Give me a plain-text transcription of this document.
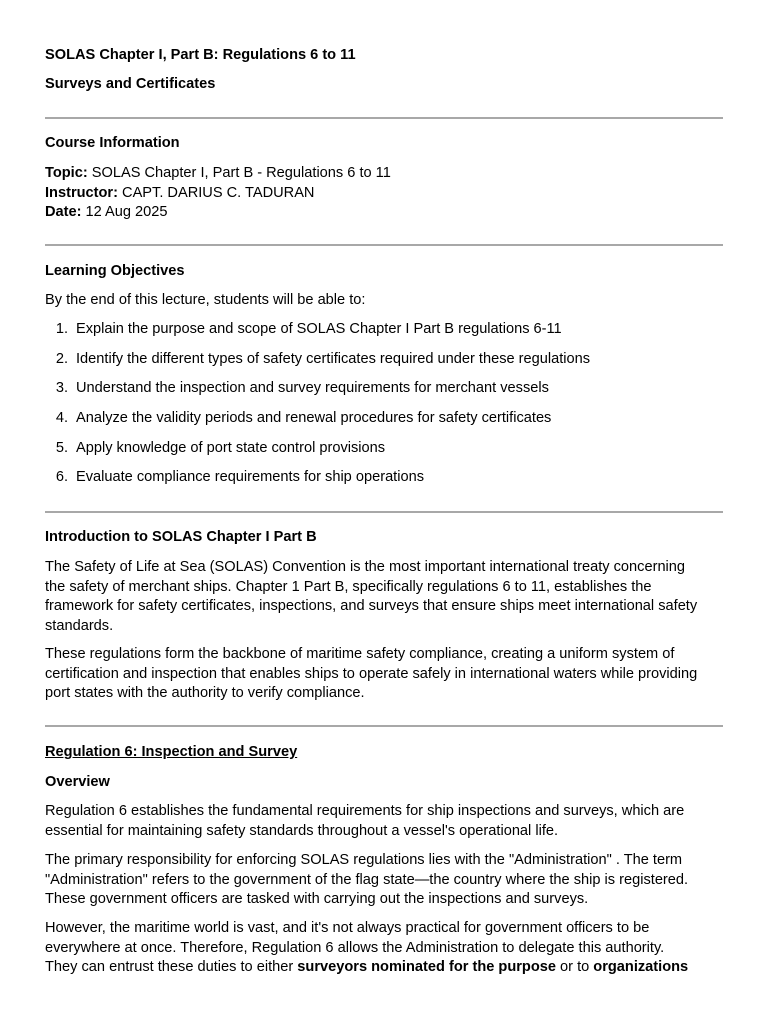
SOLAS Chapter I, Part B: Regulations 6 to 11
Surveys and Certificates
Course Information
Topic: SOLAS Chapter I, Part B - Regulations 6 to 11
Instructor: CAPT. DARIUS C. TADURAN
Date: 12 Aug 2025
Learning Objectives
By the end of this lecture, students will be able to:
1. Explain the purpose and scope of SOLAS Chapter I Part B regulations 6-11
2. Identify the different types of safety certificates required under these regulations
3. Understand the inspection and survey requirements for merchant vessels
4. Analyze the validity periods and renewal procedures for safety certificates
5. Apply knowledge of port state control provisions
6. Evaluate compliance requirements for ship operations
Introduction to SOLAS Chapter I Part B
The Safety of Life at Sea (SOLAS) Convention is the most important international treaty concerning
the safety of merchant ships. Chapter 1 Part B, specifically regulations 6 to 11, establishes the
framework for safety certificates, inspections, and surveys that ensure ships meet international safety
standards.
These regulations form the backbone of maritime safety compliance, creating a uniform system of
certification and inspection that enables ships to operate safely in international waters while providing
port states with the authority to verify compliance.
Regulation 6: Inspection and Survey
Overview
Regulation 6 establishes the fundamental requirements for ship inspections and surveys, which are
essential for maintaining safety standards throughout a vessel's operational life.
The primary responsibility for enforcing SOLAS regulations lies with the "Administration" . The term
"Administration" refers to the government of the flag state—the country where the ship is registered.
These government officers are tasked with carrying out the inspections and surveys.
However, the maritime world is vast, and it's not always practical for government officers to be
everywhere at once. Therefore, Regulation 6 allows the Administration to delegate this authority.
They can entrust these duties to either surveyors nominated for the purpose or to organizations
